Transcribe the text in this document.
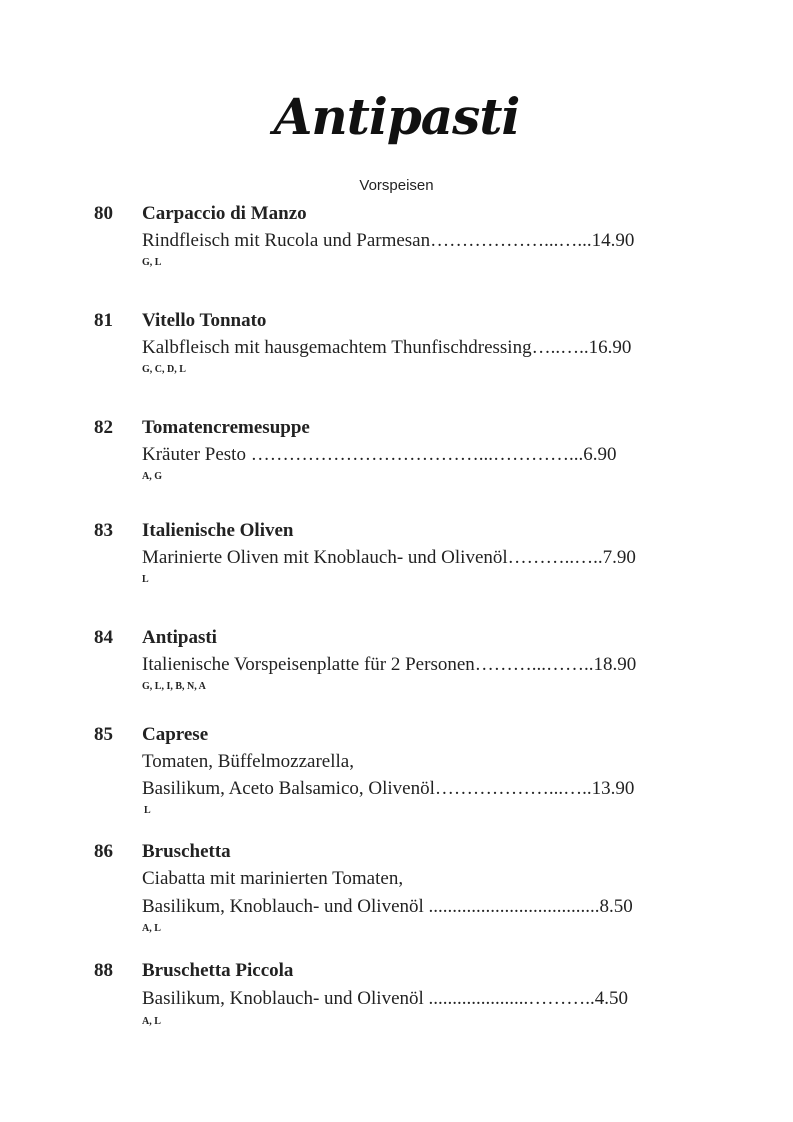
Antipasti
Vorspeisen
80 Carpaccio di Manzo
Rindfleisch mit Rucola und Parmesan………………...…...14.90
G, L
81 Vitello Tonnato
Kalbfleisch mit hausgemachtem Thunfischdressing…..…..16.90
G, C, D, L
82 Tomatencremesuppe
Kräuter Pesto ………………………………...…………...6.90
A, G
83 Italienische Oliven
Marinierte Oliven mit Knoblauch- und Olivenöl………..…..7.90
L
84 Antipasti
Italienische Vorspeisenplatte für 2 Personen………...……..18.90
G, L, I, B, N, A
85 Caprese
Tomaten, Büffelmozzarella,
Basilikum, Aceto Balsamico, Olivenöl………………...…..13.90
L
86 Bruschetta
Ciabatta mit marinierten Tomaten,
Basilikum, Knoblauch- und Olivenöl ....................................8.50
A, L
88 Bruschetta Piccola
Basilikum, Knoblauch- und Olivenöl .....................………..4.50
A, L
